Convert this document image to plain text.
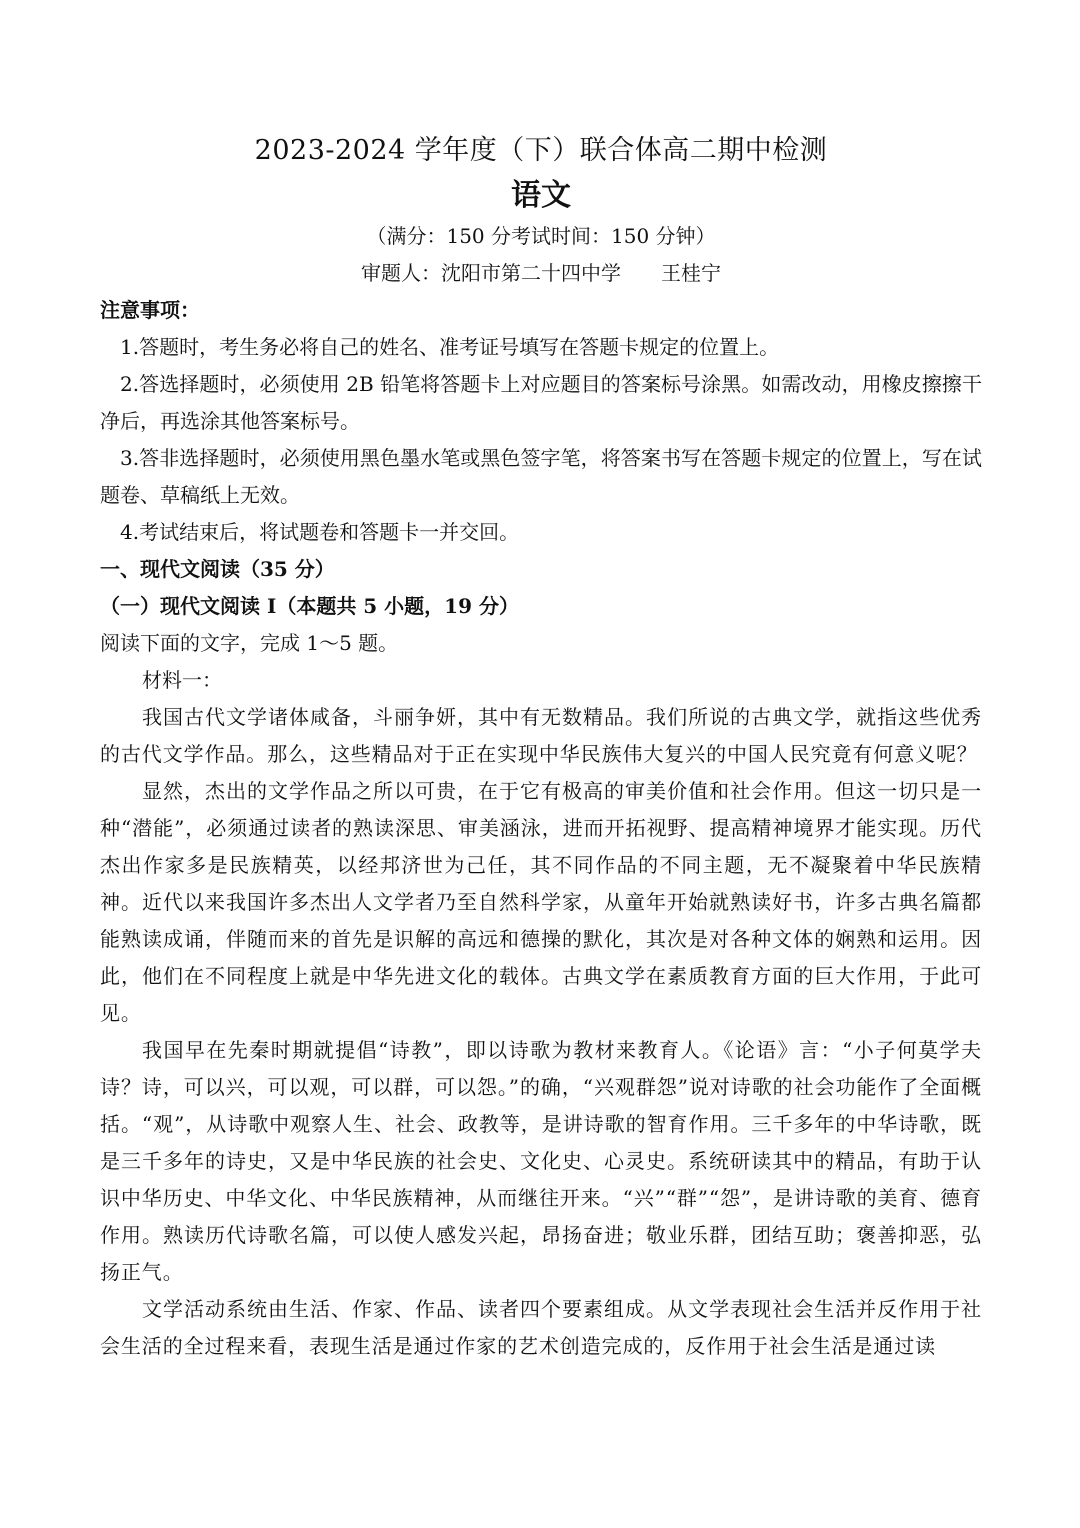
2023-2024 学年度（下）联合体高二期中检测

语文

（满分：150 分考试时间：150 分钟）

审题人：沈阳市第二十四中学 王桂宁

注意事项：

1.答题时，考生务必将自己的姓名、准考证号填写在答题卡规定的位置上。

2.答选择题时，必须使用 2B 铅笔将答题卡上对应题目的答案标号涂黑。如需改动，用橡皮擦擦干净后，再选涂其他答案标号。

3.答非选择题时，必须使用黑色墨水笔或黑色签字笔，将答案书写在答题卡规定的位置上，写在试题卷、草稿纸上无效。

4.考试结束后，将试题卷和答题卡一并交回。

一、现代文阅读（35 分）

（一）现代文阅读 I（本题共 5 小题，19 分）

阅读下面的文字，完成 1～5 题。

材料一：

我国古代文学诸体咸备，斗丽争妍，其中有无数精品。我们所说的古典文学，就指这些优秀的古代文学作品。那么，这些精品对于正在实现中华民族伟大复兴的中国人民究竟有何意义呢？

显然，杰出的文学作品之所以可贵，在于它有极高的审美价值和社会作用。但这一切只是一种“潜能”，必须通过读者的熟读深思、审美涵泳，进而开拓视野、提高精神境界才能实现。历代杰出作家多是民族精英，以经邦济世为己任，其不同作品的不同主题，无不凝聚着中华民族精神。近代以来我国许多杰出人文学者乃至自然科学家，从童年开始就熟读好书，许多古典名篇都能熟读成诵，伴随而来的首先是识解的高远和德操的默化，其次是对各种文体的娴熟和运用。因此，他们在不同程度上就是中华先进文化的载体。古典文学在素质教育方面的巨大作用，于此可见。

我国早在先秦时期就提倡“诗教”，即以诗歌为教材来教育人。《论语》言：“小子何莫学夫诗？诗，可以兴，可以观，可以群，可以怨。”的确，“兴观群怨”说对诗歌的社会功能作了全面概括。“观”，从诗歌中观察人生、社会、政教等，是讲诗歌的智育作用。三千多年的中华诗歌，既是三千多年的诗史，又是中华民族的社会史、文化史、心灵史。系统研读其中的精品，有助于认识中华历史、中华文化、中华民族精神，从而继往开来。“兴”“群”“怨”，是讲诗歌的美育、德育作用。熟读历代诗歌名篇，可以使人感发兴起，昂扬奋进；敬业乐群，团结互助；褒善抑恶，弘扬正气。

文学活动系统由生活、作家、作品、读者四个要素组成。从文学表现社会生活并反作用于社会生活的全过程来看，表现生活是通过作家的艺术创造完成的，反作用于社会生活是通过读
